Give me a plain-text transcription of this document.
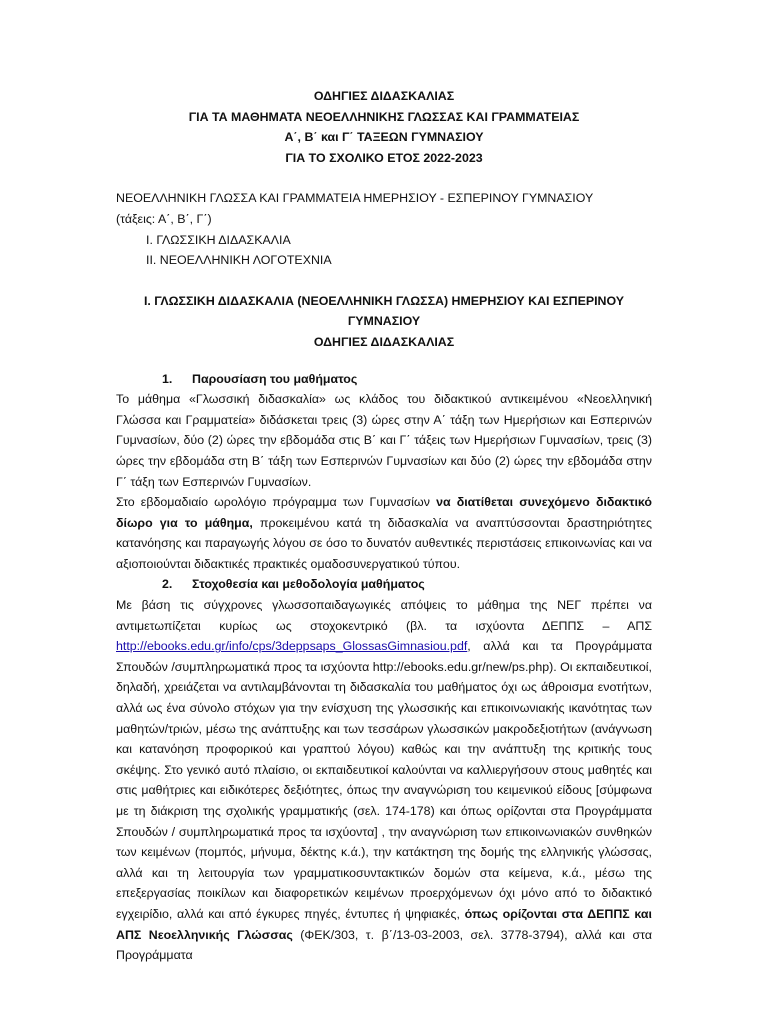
ΟΔΗΓΙΕΣ ΔΙΔΑΣΚΑΛΙΑΣ
ΓΙΑ ΤΑ ΜΑΘΗΜΑΤΑ ΝΕΟΕΛΛΗΝΙΚΗΣ ΓΛΩΣΣΑΣ ΚΑΙ ΓΡΑΜΜΑΤΕΙΑΣ
Α΄, Β΄ και Γ΄ ΤΑΞΕΩΝ ΓΥΜΝΑΣΙΟΥ
ΓΙΑ ΤΟ ΣΧΟΛΙΚΟ ΕΤΟΣ 2022-2023
ΝΕΟΕΛΛΗΝΙΚΗ ΓΛΩΣΣΑ ΚΑΙ ΓΡΑΜΜΑΤΕΙΑ ΗΜΕΡΗΣΙΟΥ - ΕΣΠΕΡΙΝΟΥ ΓΥΜΝΑΣΙΟΥ
(τάξεις: Α΄, Β΄, Γ΄)
I. ΓΛΩΣΣΙΚΗ ΔΙΔΑΣΚΑΛΙΑ
II. ΝΕΟΕΛΛΗΝΙΚΗ ΛΟΓΟΤΕΧΝΙΑ
I. ΓΛΩΣΣΙΚΗ ΔΙΔΑΣΚΑΛΙΑ (ΝΕΟΕΛΛΗΝΙΚΗ ΓΛΩΣΣΑ) ΗΜΕΡΗΣΙΟΥ ΚΑΙ ΕΣΠΕΡΙΝΟΥ
ΓΥΜΝΑΣΙΟΥ
ΟΔΗΓΙΕΣ ΔΙΔΑΣΚΑΛΙΑΣ
1. Παρουσίαση του μαθήματος

Το μάθημα «Γλωσσική διδασκαλία» ως κλάδος του διδακτικού αντικειμένου «Νεοελληνική Γλώσσα και Γραμματεία» διδάσκεται τρεις (3) ώρες στην Α΄ τάξη των Ημερήσιων και Εσπερινών Γυμνασίων, δύο (2) ώρες την εβδομάδα στις Β΄ και Γ΄ τάξεις των Ημερήσιων Γυμνασίων, τρεις (3) ώρες την εβδομάδα στη Β΄ τάξη των Εσπερινών Γυμνασίων και δύο (2) ώρες την εβδομάδα στην Γ΄ τάξη των Εσπερινών Γυμνασίων.

Στο εβδομαδιαίο ωρολόγιο πρόγραμμα των Γυμνασίων να διατίθεται συνεχόμενο διδακτικό δίωρο για το μάθημα, προκειμένου κατά τη διδασκαλία να αναπτύσσονται δραστηριότητες κατανόησης και παραγωγής λόγου σε όσο το δυνατόν αυθεντικές περιστάσεις επικοινωνίας και να αξιοποιούνται διδακτικές πρακτικές ομαδοσυνεργατικού τύπου.

2. Στοχοθεσία και μεθοδολογία μαθήματος

Με βάση τις σύγχρονες γλωσσοπαιδαγωγικές απόψεις το μάθημα της ΝΕΓ πρέπει να αντιμετωπίζεται κυρίως ως στοχοκεντρικό (βλ. τα ισχύοντα ΔΕΠΠΣ – ΑΠΣ http://ebooks.edu.gr/info/cps/3deppsaps_GlossasGimnasiou.pdf, αλλά και τα Προγράμματα Σπουδών /συμπληρωματικά προς τα ισχύοντα http://ebooks.edu.gr/new/ps.php). Οι εκπαιδευτικοί, δηλαδή, χρειάζεται να αντιλαμβάνονται τη διδασκαλία του μαθήματος όχι ως άθροισμα ενοτήτων, αλλά ως ένα σύνολο στόχων για την ενίσχυση της γλωσσικής και επικοινωνιακής ικανότητας των μαθητών/τριών, μέσω της ανάπτυξης και των τεσσάρων γλωσσικών μακροδεξιοτήτων (ανάγνωση και κατανόηση προφορικού και γραπτού λόγου) καθώς και την ανάπτυξη της κριτικής τους σκέψης. Στο γενικό αυτό πλαίσιο, οι εκπαιδευτικοί καλούνται να καλλιεργήσουν στους μαθητές και στις μαθήτριες και ειδικότερες δεξιότητες, όπως την αναγνώριση του κειμενικού είδους [σύμφωνα με τη διάκριση της σχολικής γραμματικής (σελ. 174-178) και όπως ορίζονται στα Προγράμματα Σπουδών / συμπληρωματικά προς τα ισχύοντα] , την αναγνώριση των επικοινωνιακών συνθηκών των κειμένων (πομπός, μήνυμα, δέκτης κ.ά.), την κατάκτηση της δομής της ελληνικής γλώσσας, αλλά και τη λειτουργία των γραμματικοσυντακτικών δομών στα κείμενα, κ.ά., μέσω της επεξεργασίας ποικίλων και διαφορετικών κειμένων προερχόμενων όχι μόνο από το διδακτικό εγχειρίδιο, αλλά και από έγκυρες πηγές, έντυπες ή ψηφιακές, όπως ορίζονται στα ΔΕΠΠΣ και ΑΠΣ Νεοελληνικής Γλώσσας (ΦΕΚ/303, τ. β΄/13-03-2003, σελ. 3778-3794), αλλά και στα Προγράμματα
